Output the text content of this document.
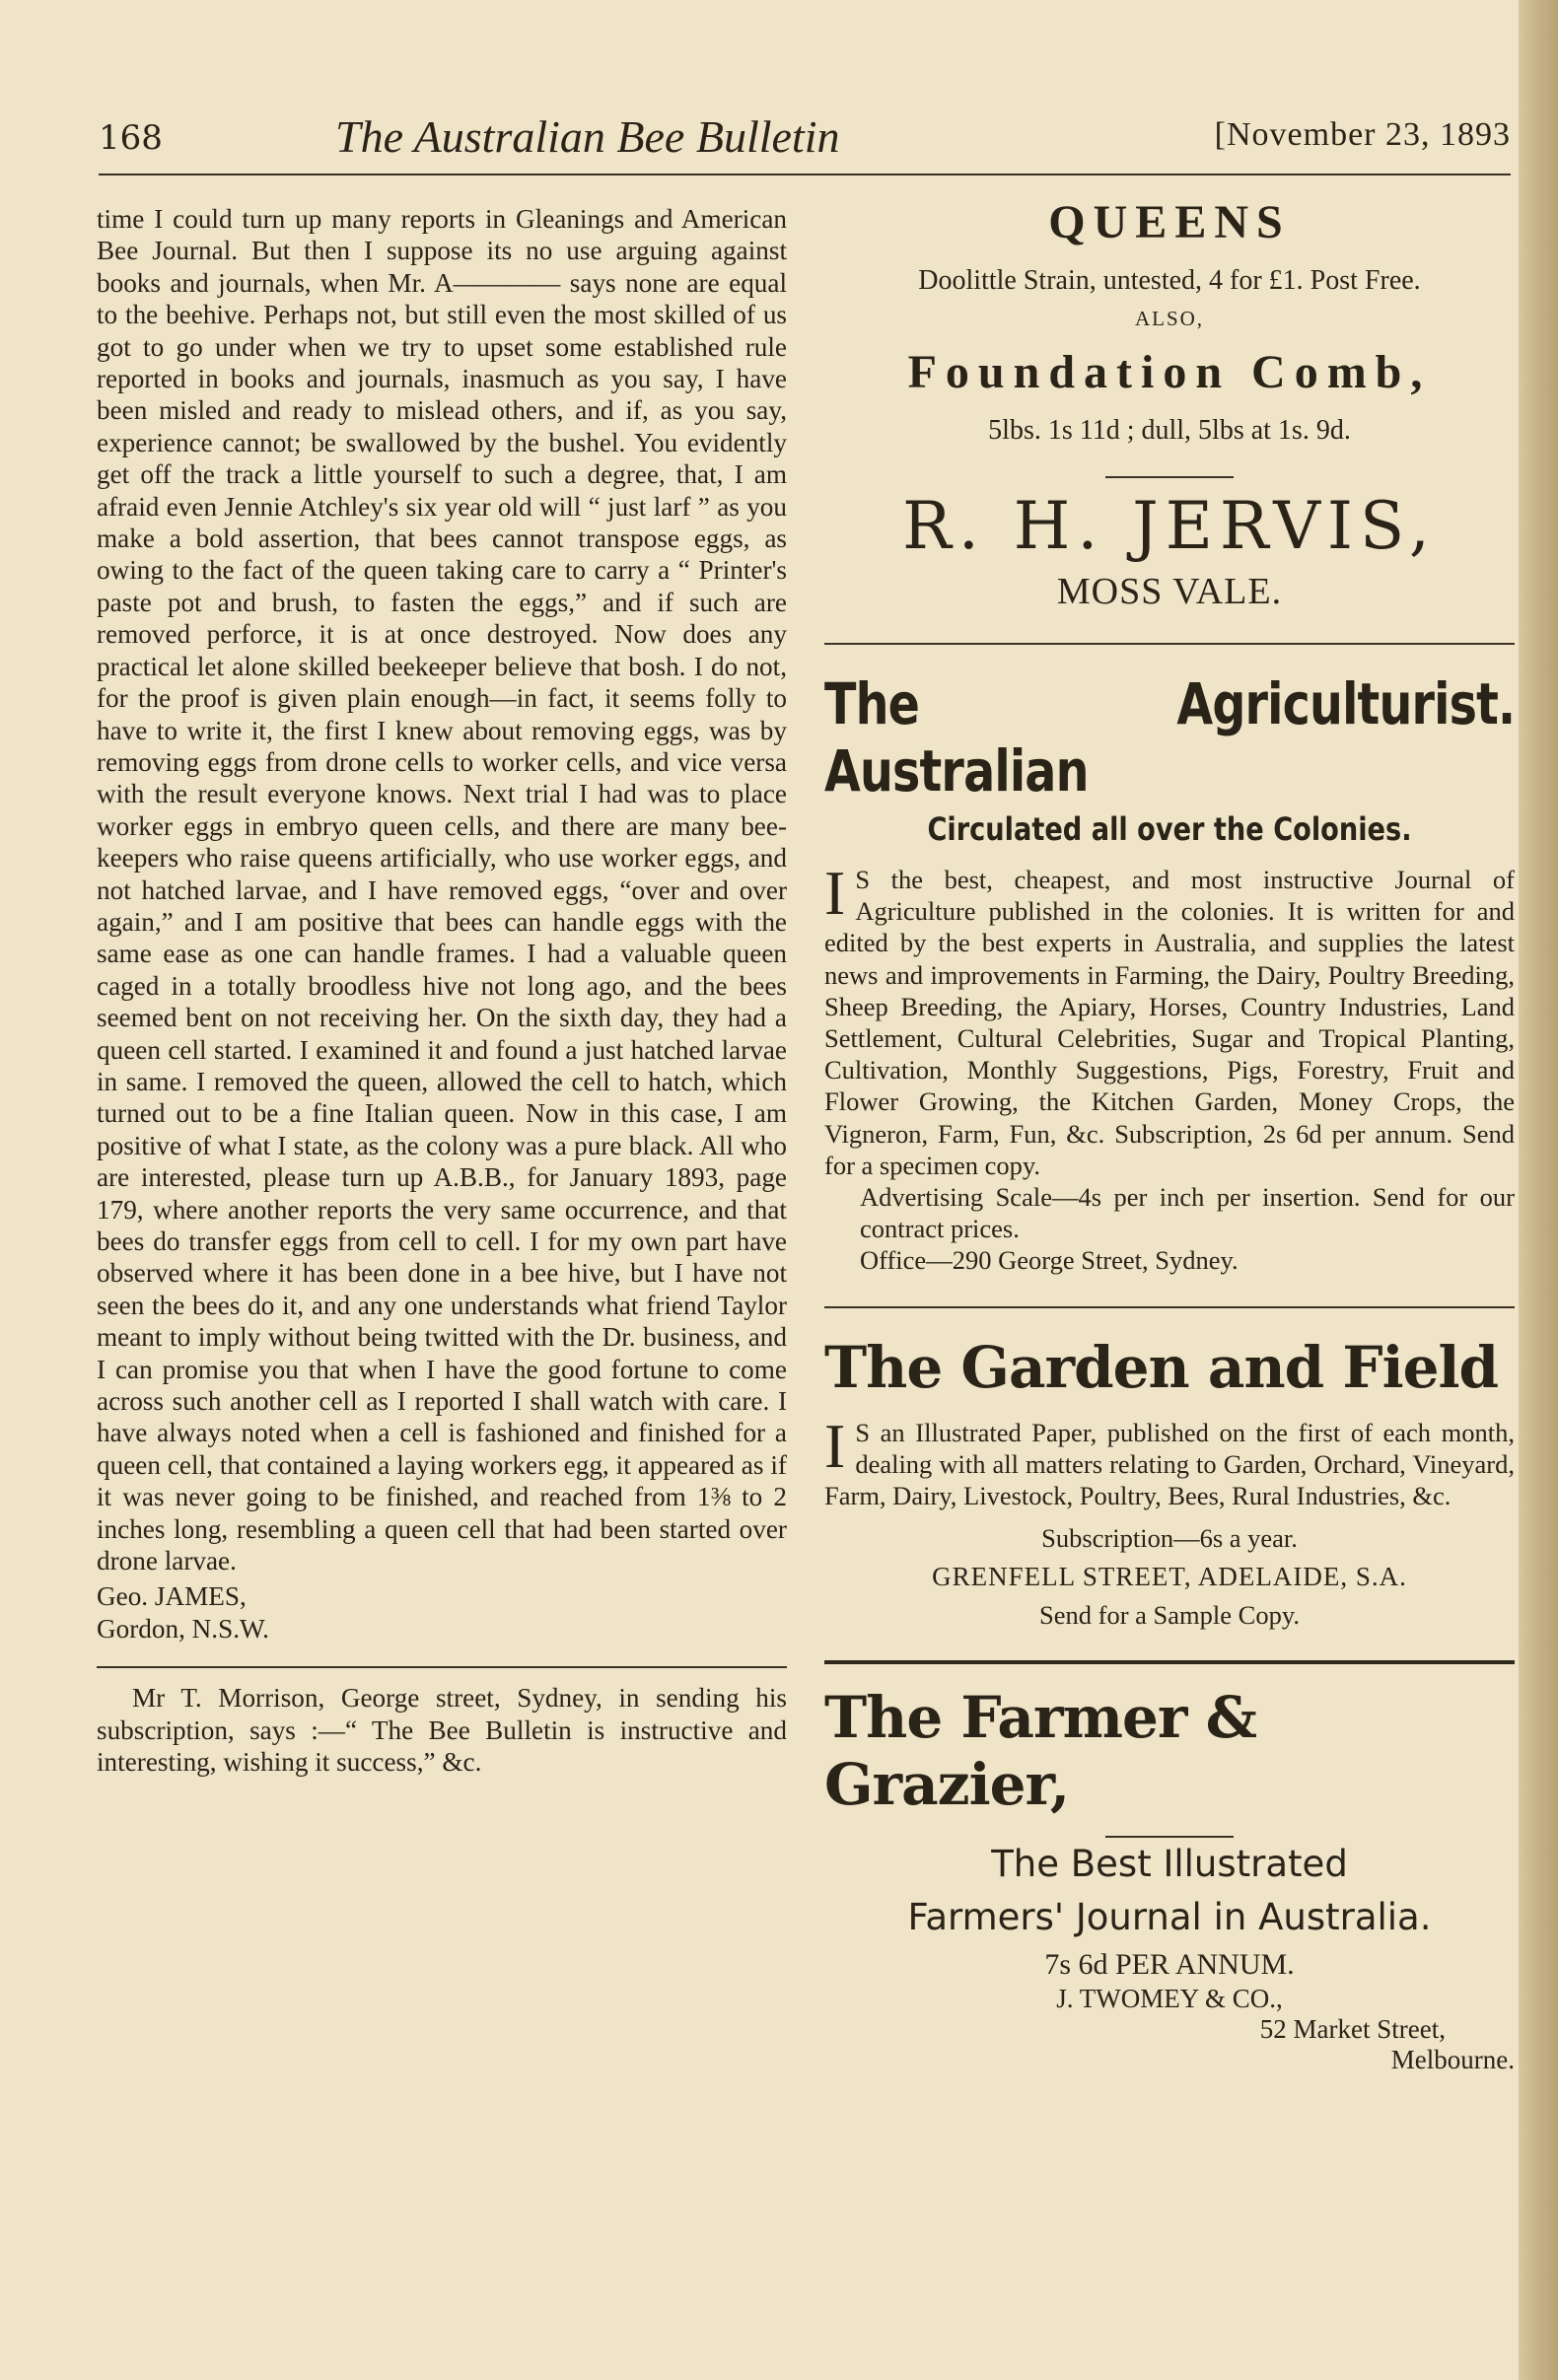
168	The Australian Bee Bulletin	[November 23, 1893

time I could turn up many reports in Gleanings and American Bee Journal. But then I suppose its no use arguing against books and journals, when Mr. A———— says none are equal to the beehive. Perhaps not, but still even the most skilled of us got to go under when we try to upset some established rule reported in books and journals, inasmuch as you say, I have been misled and ready to mislead others, and if, as you say, experience cannot; be swallowed by the bushel. You evidently get off the track a little yourself to such a degree, that, I am afraid even Jennie Atchley's six year old will “ just larf ” as you make a bold assertion, that bees cannot transpose eggs, as owing to the fact of the queen taking care to carry a “ Printer's paste pot and brush, to fasten the eggs,” and if such are removed perforce, it is at once destroyed. Now does any practical let alone skilled beekeeper believe that bosh. I do not, for the proof is given plain enough—in fact, it seems folly to have to write it, the first I knew about removing eggs, was by removing eggs from drone cells to worker cells, and vice versa with the result everyone knows. Next trial I had was to place worker eggs in embryo queen cells, and there are many bee-keepers who raise queens artificially, who use worker eggs, and not hatched larvae, and I have removed eggs, “over and over again,” and I am positive that bees can handle eggs with the same ease as one can handle frames. I had a valuable queen caged in a totally broodless hive not long ago, and the bees seemed bent on not receiving her. On the sixth day, they had a queen cell started. I examined it and found a just hatched larvae in same. I removed the queen, allowed the cell to hatch, which turned out to be a fine Italian queen. Now in this case, I am positive of what I state, as the colony was a pure black. All who are interested, please turn up A.B.B., for January 1893, page 179, where another reports the very same occurrence, and that bees do transfer eggs from cell to cell. I for my own part have observed where it has been done in a bee hive, but I have not seen the bees do it, and any one understands what friend Taylor meant to imply without being twitted with the Dr. business, and I can promise you that when I have the good fortune to come across such another cell as I reported I shall watch with care. I have always noted when a cell is fashioned and finished for a queen cell, that contained a laying workers egg, it appeared as if it was never going to be finished, and reached from 1⅜ to 2 inches long, resembling a queen cell that had been started over drone larvae.

Geo. JAMES,
Gordon, N.S.W.

Mr T. Morrison, George street, Sydney, in sending his subscription, says :—“ The Bee Bulletin is instructive and interesting, wishing it success,” &c.

QUEENS
Doolittle Strain, untested, 4 for £1. Post Free.
ALSO,
Foundation Comb,
5lbs. 1s 11d ; dull, 5lbs at 1s. 9d.
R. H. JERVIS,
MOSS VALE.
The Australian
Agriculturist.
Circulated all over the Colonies.
I S the best, cheapest, and most instructive Journal of Agriculture published in the colonies. It is written for and edited by the best experts in Australia, and supplies the latest news and improvements in Farming, the Dairy, Poultry Breeding, Sheep Breeding, the Apiary, Horses, Country Industries, Land Settlement, Cultural Celebrities, Sugar and Tropical Planting, Cultivation, Monthly Suggestions, Pigs, Forestry, Fruit and Flower Growing, the Kitchen Garden, Money Crops, the Vigneron, Farm, Fun, &c. Subscription, 2s 6d per annum. Send for a specimen copy.
Advertising Scale—4s per inch per insertion. Send for our contract prices.
Office—290 George Street, Sydney.
The Garden and Field
I S an Illustrated Paper, published on the first of each month, dealing with all matters relating to Garden, Orchard, Vineyard, Farm, Dairy, Livestock, Poultry, Bees, Rural Industries, &c.
Subscription—6s a year.
GRENFELL STREET, ADELAIDE, S.A.
Send for a Sample Copy.
The Farmer & Grazier,
The Best Illustrated
Farmers' Journal in Australia.
7s 6d PER ANNUM.
J. TWOMEY & CO.,
52 Market Street,
Melbourne.
